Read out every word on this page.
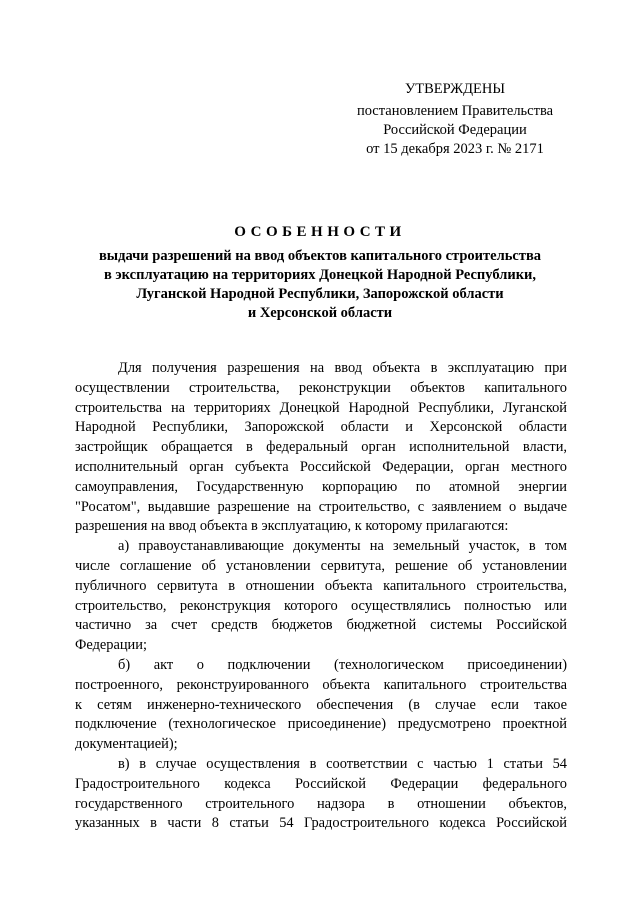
УТВЕРЖДЕНЫ
постановлением Правительства
Российской Федерации
от 15 декабря 2023 г. № 2171
ОСОБЕННОСТИ
выдачи разрешений на ввод объектов капитального строительства
в эксплуатацию на территориях Донецкой Народной Республики,
Луганской Народной Республики, Запорожской области
и Херсонской области
Для получения разрешения на ввод объекта в эксплуатацию при
осуществлении строительства, реконструкции объектов капитального
строительства на территориях Донецкой Народной Республики, Луганской
Народной Республики, Запорожской области и Херсонской области
застройщик обращается в федеральный орган исполнительной власти,
исполнительный орган субъекта Российской Федерации, орган местного
самоуправления, Государственную корпорацию по атомной энергии
"Росатом", выдавшие разрешение на строительство, с заявлением о выдаче
разрешения на ввод объекта в эксплуатацию, к которому прилагаются:
а) правоустанавливающие документы на земельный участок, в том
числе соглашение об установлении сервитута, решение об установлении
публичного сервитута в отношении объекта капитального строительства,
строительство, реконструкция которого осуществлялись полностью или
частично за счет средств бюджетов бюджетной системы Российской
Федерации;
б) акт о подключении (технологическом присоединении)
построенного, реконструированного объекта капитального строительства
к сетям инженерно-технического обеспечения (в случае если такое
подключение (технологическое присоединение) предусмотрено проектной
документацией);
в) в случае осуществления в соответствии с частью 1 статьи 54
Градостроительного кодекса Российской Федерации федерального
государственного строительного надзора в отношении объектов,
указанных в части 8 статьи 54 Градостроительного кодекса Российской
